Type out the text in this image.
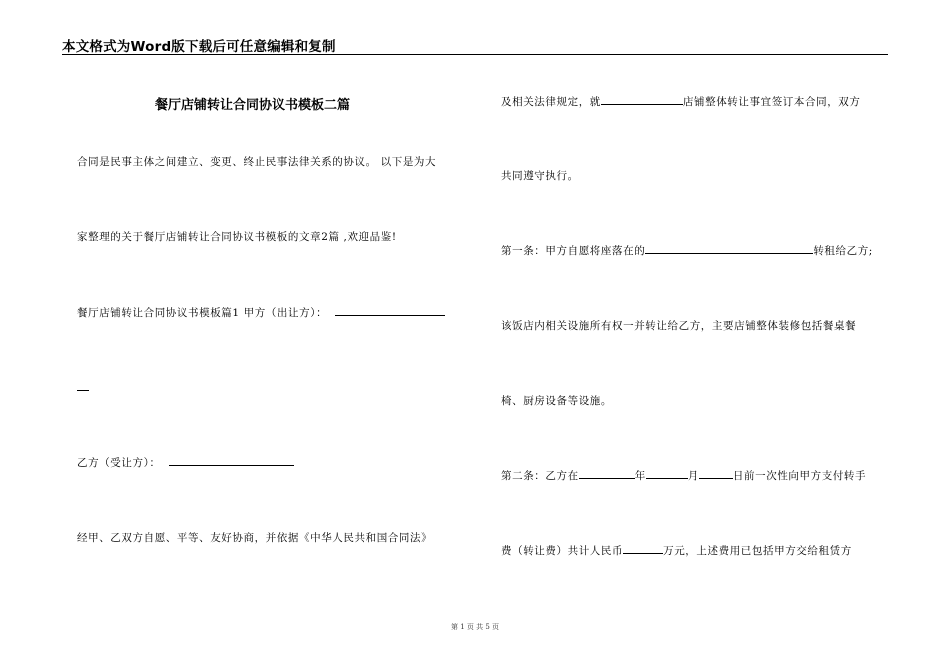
本文格式为Word版下载后可任意编辑和复制
餐厅店铺转让合同协议书模板二篇
合同是民事主体之间建立、变更、终止民事法律关系的协议。 以下是为大
家整理的关于餐厅店铺转让合同协议书模板的文章2篇 ,欢迎品鉴!
餐厅店铺转让合同协议书模板篇1 甲方（出让方）：
乙方（受让方）：
经甲、乙双方自愿、平等、友好协商，并依据《中华人民共和国合同法》
及相关法律规定，就	店铺整体转让事宜签订本合同，双方
共同遵守执行。
第一条：甲方自愿将座落在的	转租给乙方;
该饭店内相关设施所有权一并转让给乙方，主要店铺整体装修包括餐桌餐
椅、厨房设备等设施。
第二条：乙方在	年	月	日前一次性向甲方支付转手
费（转让费）共计人民币	万元，上述费用已包括甲方交给租赁方
第 1 页 共 5 页
